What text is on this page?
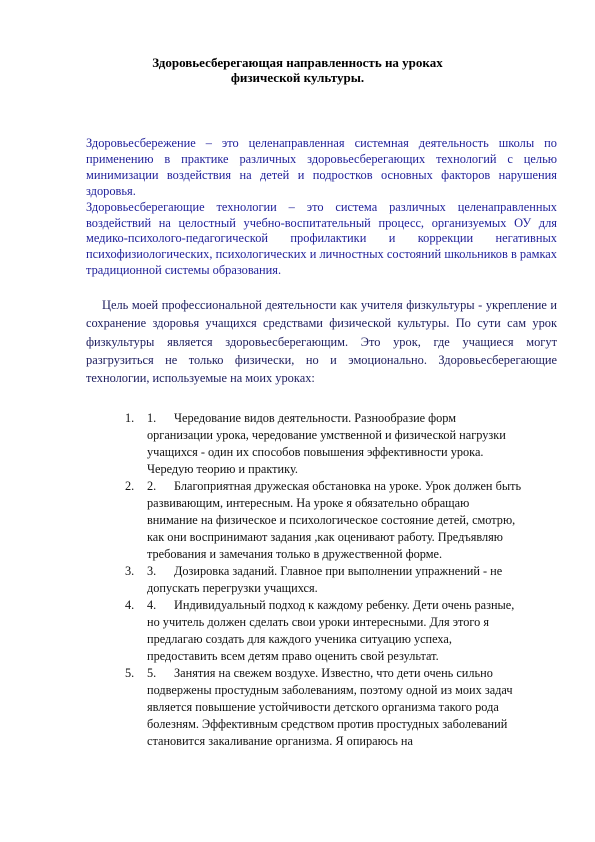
Здоровьесберегающая направленность на уроках
физической культуры.

Здоровьесбережение – это целенаправленная системная деятельность школы по применению в практике различных здоровьесберегающих технологий с целью минимизации воздействия на детей и подростков основных факторов нарушения здоровья.

Здоровьесберегающие технологии – это система различных целенаправленных воздействий на целостный учебно-воспитательный процесс, организуемых ОУ для медико-психолого-педагогической профилактики и коррекции негативных психофизиологических, психологических и личностных состояний школьников в рамках традиционной системы образования.

Цель моей профессиональной деятельности как учителя физкультуры - укрепление и сохранение здоровья учащихся средствами физической культуры. По сути сам урок физкультуры является здоровьесберегающим. Это урок, где учащиеся могут разгрузиться не только физически, но и эмоционально. Здоровьесберегающие технологии, используемые на моих уроках:

1. 1. Чередование видов деятельности. Разнообразие форм организации урока, чередование умственной и физической нагрузки учащихся - один их способов повышения эффективности урока. Чередую теорию и практику.
2. 2. Благоприятная дружеская обстановка на уроке. Урок должен быть развивающим, интересным. На уроке я обязательно обращаю внимание на физическое и психологическое состояние детей, смотрю, как они воспринимают задания ,как оценивают работу. Предъявляю требования и замечания только в дружественной форме.
3. 3. Дозировка заданий. Главное при выполнении упражнений - не допускать перегрузки учащихся.
4. 4. Индивидуальный подход к каждому ребенку. Дети очень разные, но учитель должен сделать свои уроки интересными. Для этого я предлагаю создать для каждого ученика ситуацию успеха, предоставить всем детям право оценить свой результат.
5. 5. Занятия на свежем воздухе. Известно, что дети очень сильно подвержены простудным заболеваниям, поэтому одной из моих задач является повышение устойчивости детского организма такого рода болезням. Эффективным средством против простудных заболеваний становится закаливание организма. Я опираюсь на
